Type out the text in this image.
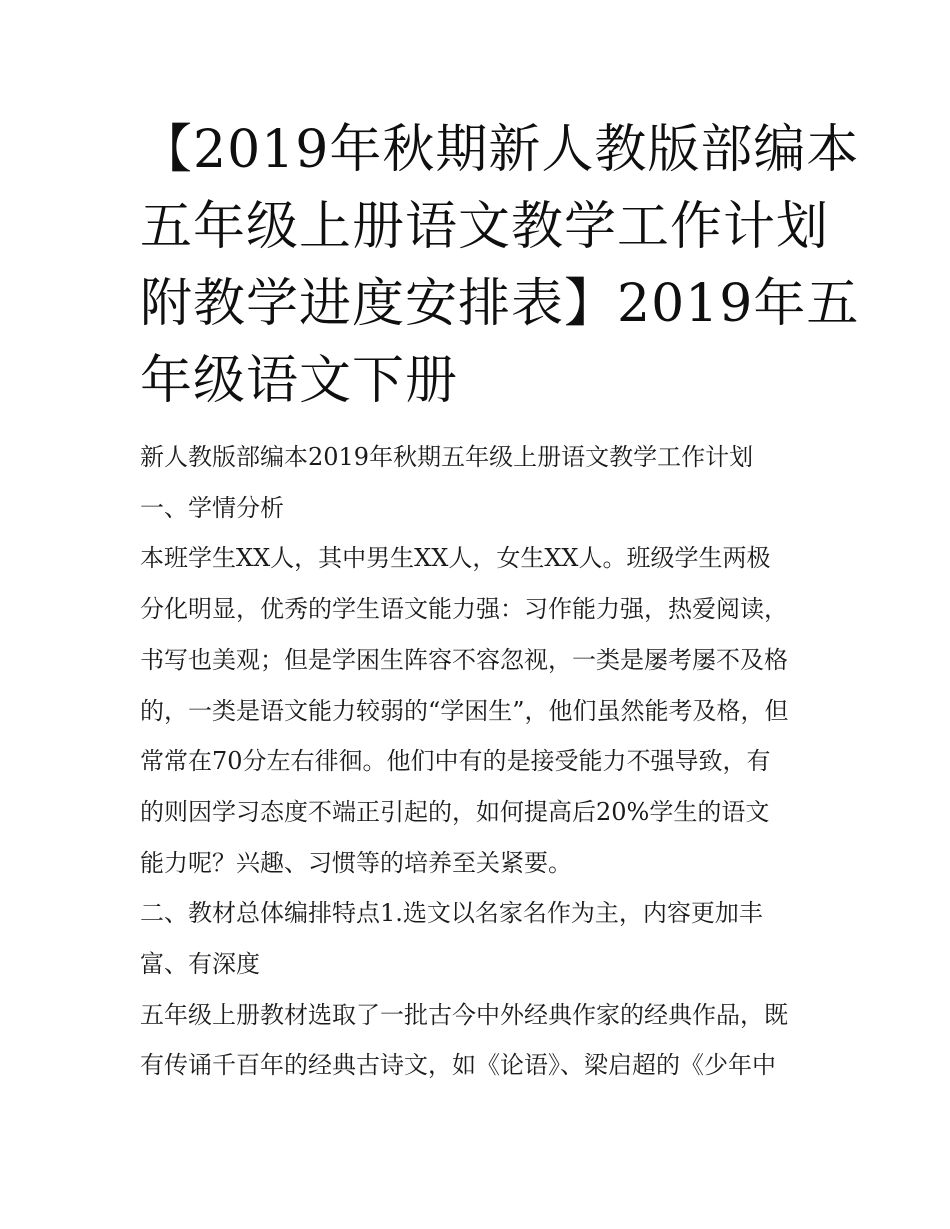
【2019年秋期新人教版部编本
五年级上册语文教学工作计划
附教学进度安排表】2019年五
年级语文下册
新人教版部编本2019年秋期五年级上册语文教学工作计划
一、学情分析
本班学生XX人，其中男生XX人，女生XX人。班级学生两极
分化明显，优秀的学生语文能力强：习作能力强，热爱阅读，
书写也美观；但是学困生阵容不容忽视，一类是屡考屡不及格
的，一类是语文能力较弱的“学困生”，他们虽然能考及格，但
常常在70分左右徘徊。他们中有的是接受能力不强导致，有
的则因学习态度不端正引起的，如何提高后20%学生的语文
能力呢？兴趣、习惯等的培养至关紧要。
二、教材总体编排特点1.选文以名家名作为主，内容更加丰
富、有深度
五年级上册教材选取了一批古今中外经典作家的经典作品，既
有传诵千百年的经典古诗文，如《论语》、梁启超的《少年中
